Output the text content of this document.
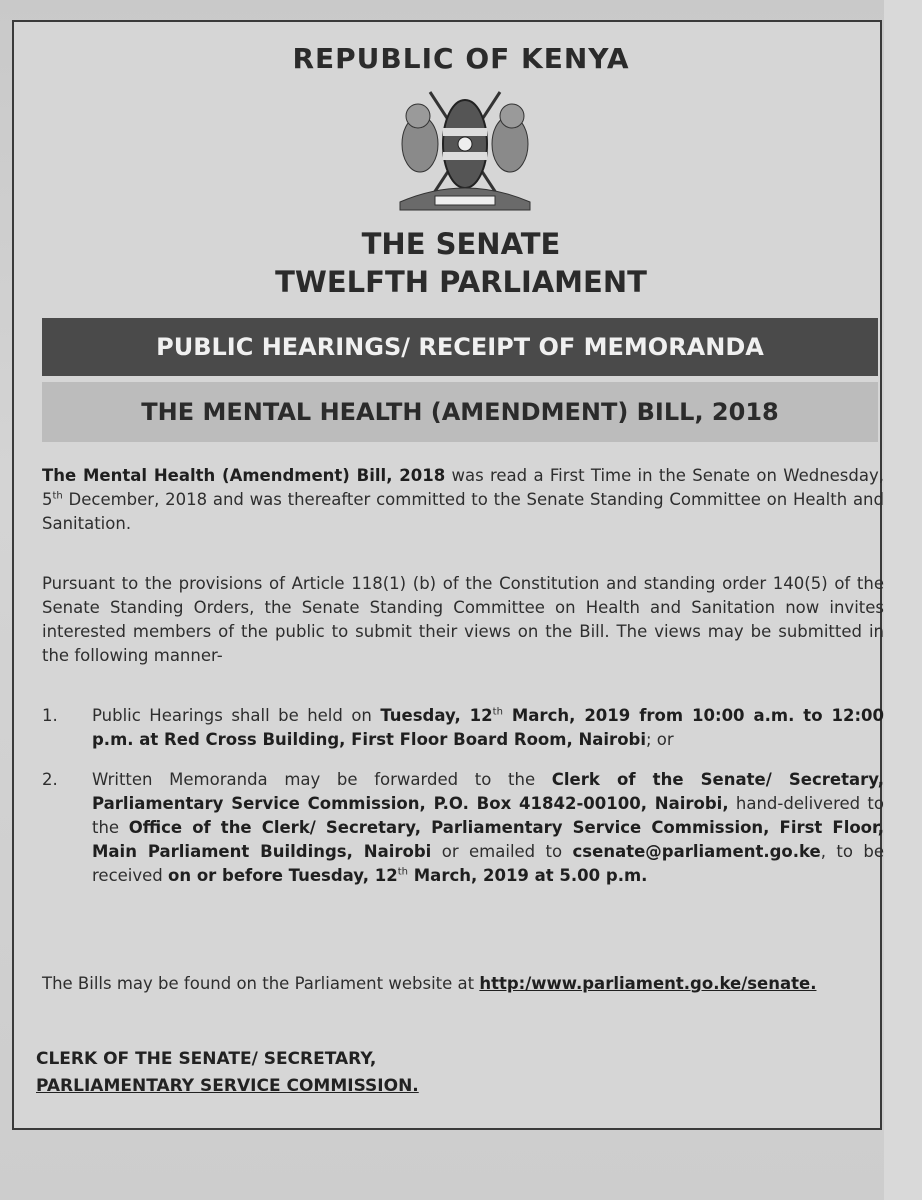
REPUBLIC OF KENYA
THE SENATE
TWELFTH PARLIAMENT
PUBLIC HEARINGS/ RECEIPT OF MEMORANDA
THE MENTAL HEALTH (AMENDMENT) BILL, 2018
The Mental Health (Amendment) Bill, 2018 was read a First Time in the Senate on Wednesday, 5th December, 2018 and was thereafter committed to the Senate Standing Committee on Health and Sanitation.
Pursuant to the provisions of Article 118(1) (b) of the Constitution and standing order 140(5) of the Senate Standing Orders, the Senate Standing Committee on Health and Sanitation now invites interested members of the public to submit their views on the Bill. The views may be submitted in the following manner-
1.	Public Hearings shall be held on Tuesday, 12th March, 2019 from 10:00 a.m. to 12:00 p.m. at Red Cross Building, First Floor Board Room, Nairobi; or
2.	Written Memoranda may be forwarded to the Clerk of the Senate/ Secretary, Parliamentary Service Commission, P.O. Box 41842-00100, Nairobi, hand-delivered to the Office of the Clerk/ Secretary, Parliamentary Service Commission, First Floor, Main Parliament Buildings, Nairobi or emailed to csenate@parliament.go.ke, to be received on or before Tuesday, 12th March, 2019 at 5.00 p.m.
The Bills may be found on the Parliament website at http:/www.parliament.go.ke/senate.
CLERK OF THE SENATE/ SECRETARY,
PARLIAMENTARY SERVICE COMMISSION.
